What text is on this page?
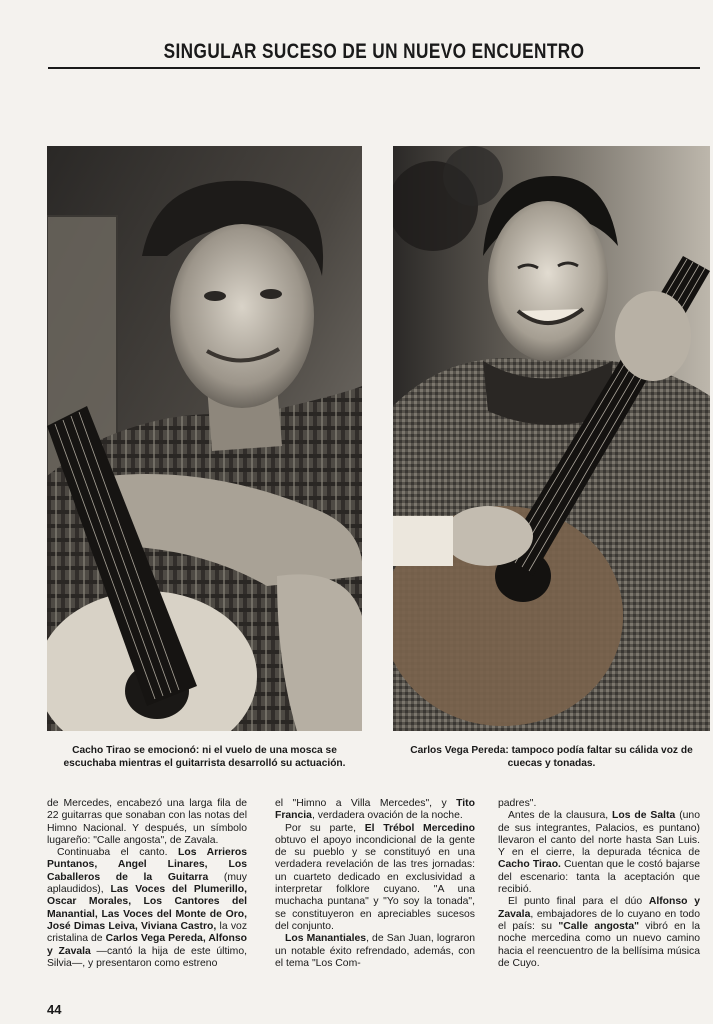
SINGULAR SUCESO DE UN NUEVO ENCUENTRO
Cacho Tirao se emocionó: ni el vuelo de una mosca se escuchaba mientras el guitarrista desarrolló su actuación.
Carlos Vega Pereda: tampoco podía faltar su cálida voz de cuecas y tonadas.

de Mercedes, encabezó una larga fila de 22 guitarras que sonaban con las notas del Himno Nacional. Y después, un símbolo lugareño: "Calle angosta", de Zavala.

Continuaba el canto. Los Arrieros Puntanos, Angel Linares, Los Caballeros de la Guitarra (muy aplaudidos), Las Voces del Plumerillo, Oscar Morales, Los Cantores del Manantial, Las Voces del Monte de Oro, José Dimas Leiva, Viviana Castro, la voz cristalina de Carlos Vega Pereda, Alfonso y Zavala —cantó la hija de este último, Silvia—, y presentaron como estreno

el "Himno a Villa Mercedes", y Tito Francia, verdadera ovación de la noche.

Por su parte, El Trébol Mercedino obtuvo el apoyo incondicional de la gente de su pueblo y se constituyó en una verdadera revelación de las tres jornadas: un cuarteto dedicado en exclusividad a interpretar folklore cuyano. "A una muchacha puntana" y "Yo soy la tonada", se constituyeron en apreciables sucesos del conjunto.

Los Manantiales, de San Juan, lograron un notable éxito refrendado, además, con el tema "Los Com-

padres".

Antes de la clausura, Los de Salta (uno de sus integrantes, Palacios, es puntano) llevaron el canto del norte hasta San Luis. Y en el cierre, la depurada técnica de Cacho Tirao. Cuentan que le costó bajarse del escenario: tanta la aceptación que recibió.

El punto final para el dúo Alfonso y Zavala, embajadores de lo cuyano en todo el país: su "Calle angosta" vibró en la noche mercedina como un nuevo camino hacia el reencuentro de la bellísima música de Cuyo.

44
